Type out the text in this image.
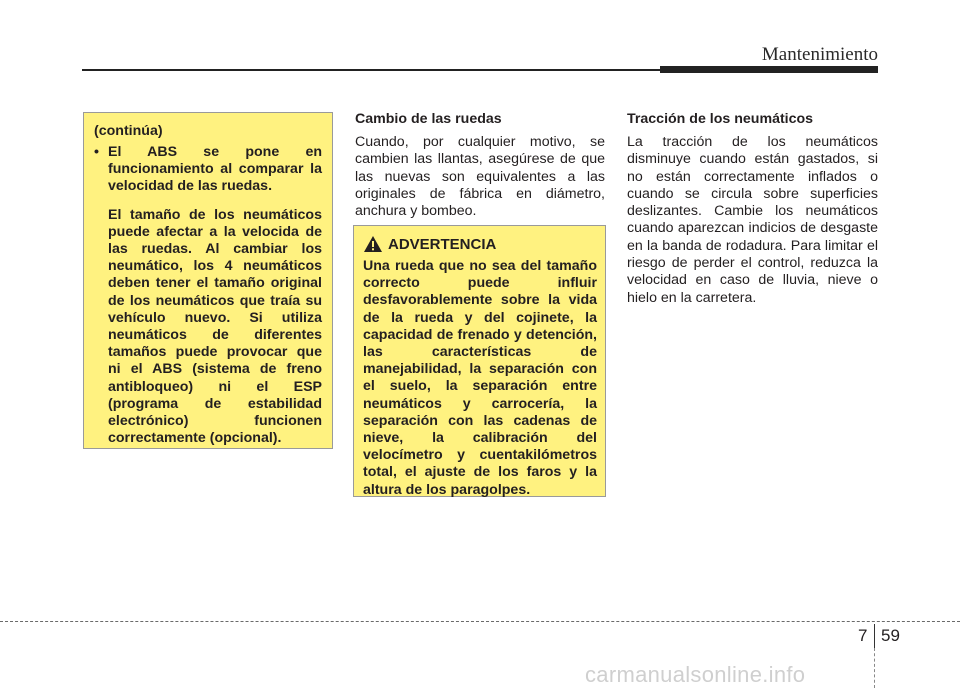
Mantenimiento
(continúa)
• El ABS se pone en funcionamiento al comparar la velocidad de las ruedas.
El tamaño de los neumáticos puede afectar a la velocida de las ruedas. Al cambiar los neumático, los 4 neumáticos deben tener el tamaño original de los neumáticos que traía su vehículo nuevo. Si utiliza neumáticos de diferentes tamaños puede provocar que ni el ABS (sistema de freno antibloqueo) ni el ESP (programa de estabilidad electrónico) funcionen correctamente (opcional).
Cambio de las ruedas

Cuando, por cualquier motivo, se cambien las llantas, asegúrese de que las nuevas son equivalentes a las originales de fábrica en diámetro, anchura y bombeo.

ADVERTENCIA

Una rueda que no sea del tamaño correcto puede influir desfavorablemente sobre la vida de la rueda y del cojinete, la capacidad de frenado y detención, las características de manejabilidad, la separación con el suelo, la separación entre neumáticos y carrocería, la separación con las cadenas de nieve, la calibración del velocímetro y cuentakilómetros total, el ajuste de los faros y la altura de los paragolpes.

Tracción de los neumáticos

La tracción de los neumáticos disminuye cuando están gastados, si no están correctamente inflados o cuando se circula sobre superficies deslizantes. Cambie los neumáticos cuando aparezcan indicios de desgaste en la banda de rodadura. Para limitar el riesgo de perder el control, reduzca la velocidad en caso de lluvia, nieve o hielo en la carretera.

7 59
carmanualsonline.info
